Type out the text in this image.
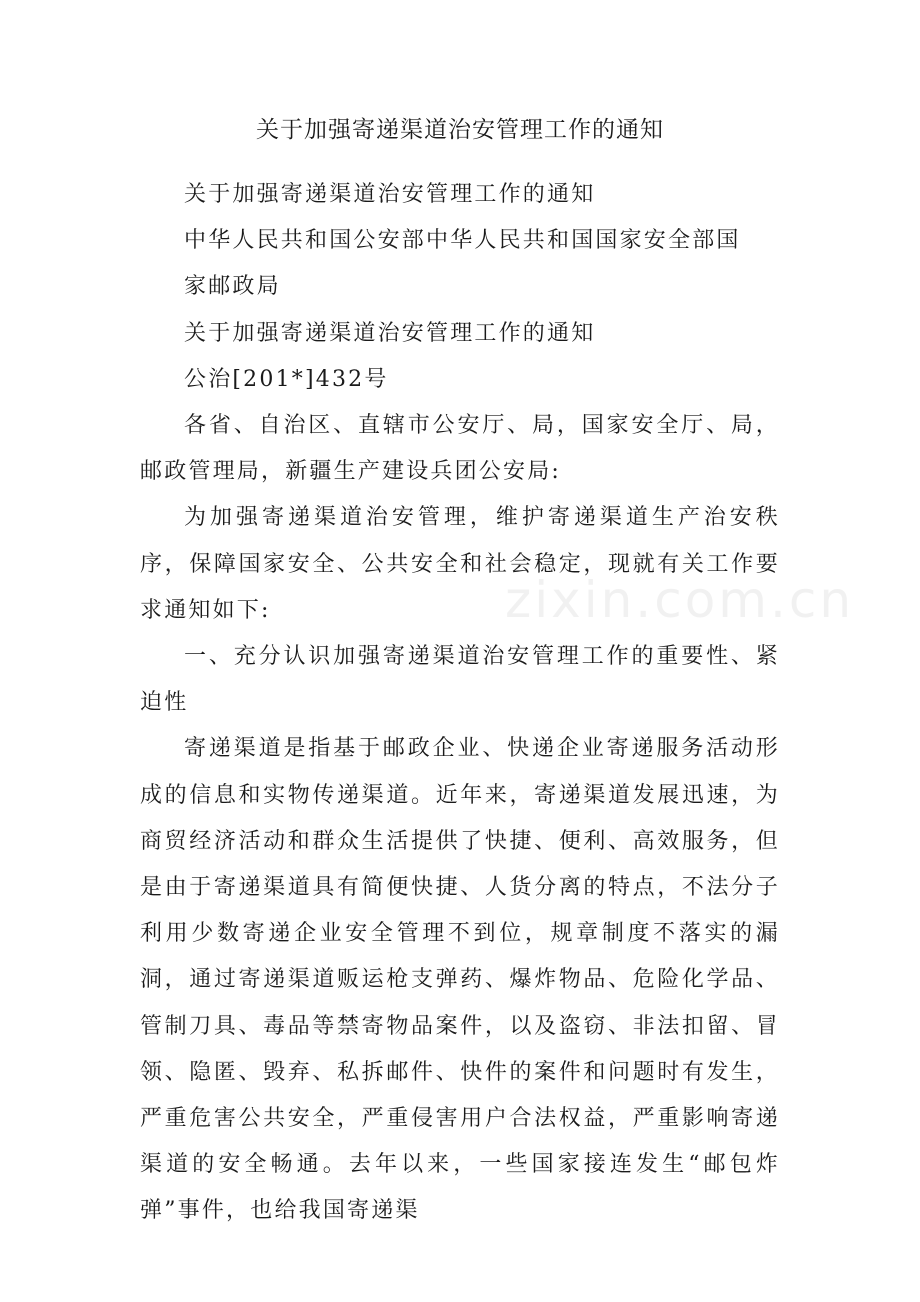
关于加强寄递渠道治安管理工作的通知

关于加强寄递渠道治安管理工作的通知

中华人民共和国公安部中华人民共和国国家安全部国

家邮政局

关于加强寄递渠道治安管理工作的通知

公治[201*]432号

各省、自治区、直辖市公安厅、局，国家安全厅、局，邮政管理局，新疆生产建设兵团公安局:

为加强寄递渠道治安管理，维护寄递渠道生产治安秩序，保障国家安全、公共安全和社会稳定，现就有关工作要求通知如下:

一、充分认识加强寄递渠道治安管理工作的重要性、紧迫性

寄递渠道是指基于邮政企业、快递企业寄递服务活动形成的信息和实物传递渠道。近年来，寄递渠道发展迅速，为商贸经济活动和群众生活提供了快捷、便利、高效服务，但是由于寄递渠道具有简便快捷、人货分离的特点，不法分子利用少数寄递企业安全管理不到位，规章制度不落实的漏洞，通过寄递渠道贩运枪支弹药、爆炸物品、危险化学品、管制刀具、毒品等禁寄物品案件，以及盗窃、非法扣留、冒领、隐匿、毁弃、私拆邮件、快件的案件和问题时有发生，严重危害公共安全，严重侵害用户合法权益，严重影响寄递渠道的安全畅通。去年以来，一些国家接连发生“邮包炸弹”事件，也给我国寄递渠

zixin.com.cn
